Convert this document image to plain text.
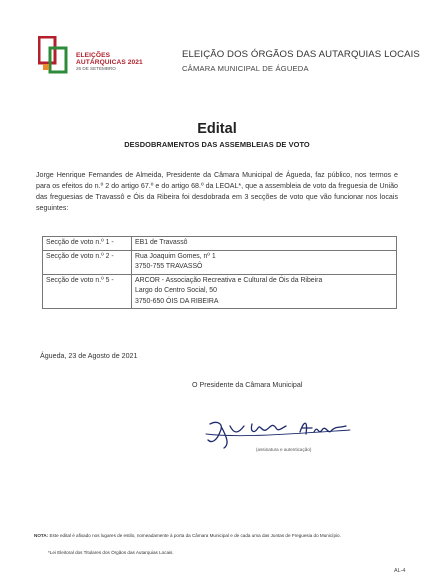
ELEIÇÕES
AUTÁRQUICAS 2021
26 DE SETEMBRO
ELEIÇÃO DOS ÓRGÃOS DAS AUTARQUIAS LOCAIS
CÂMARA MUNICIPAL DE ÁGUEDA
Edital
DESDOBRAMENTOS DAS ASSEMBLEIAS DE VOTO

Jorge Henrique Fernandes de Almeida, Presidente da Câmara Municipal de Águeda, faz público, nos termos e para os efeitos do n.º 2 do artigo 67.º e do artigo 68.º da LEOAL*, que a assembleia de voto da freguesia de União das freguesias de Travassô e Óis da Ribeira foi desdobrada em 3 secções de voto que vão funcionar nos locais seguintes:

Secção de voto n.º 1 -	EB1 de Travassô

Secção de voto n.º 2 -	Rua Joaquim Gomes, nº 1
3750-755 TRAVASSÔ

Secção de voto n.º 5 -	ARCOR - Associação Recreativa e Cultural de Óis da Ribeira
Largo do Centro Social, 50
3750-650 ÓIS DA RIBEIRA
Águeda, 23 de Agosto de 2021
O Presidente da Câmara Municipal
(assinatura e autenticação)
NOTA: Este edital é afixado nos lugares de estilo, nomeadamente à porta da Câmara Municipal e de cada uma das Juntas de Freguesia do Município.
*Lei Eleitoral dos Titulares dos Órgãos das Autarquias Locais.
AL-4
